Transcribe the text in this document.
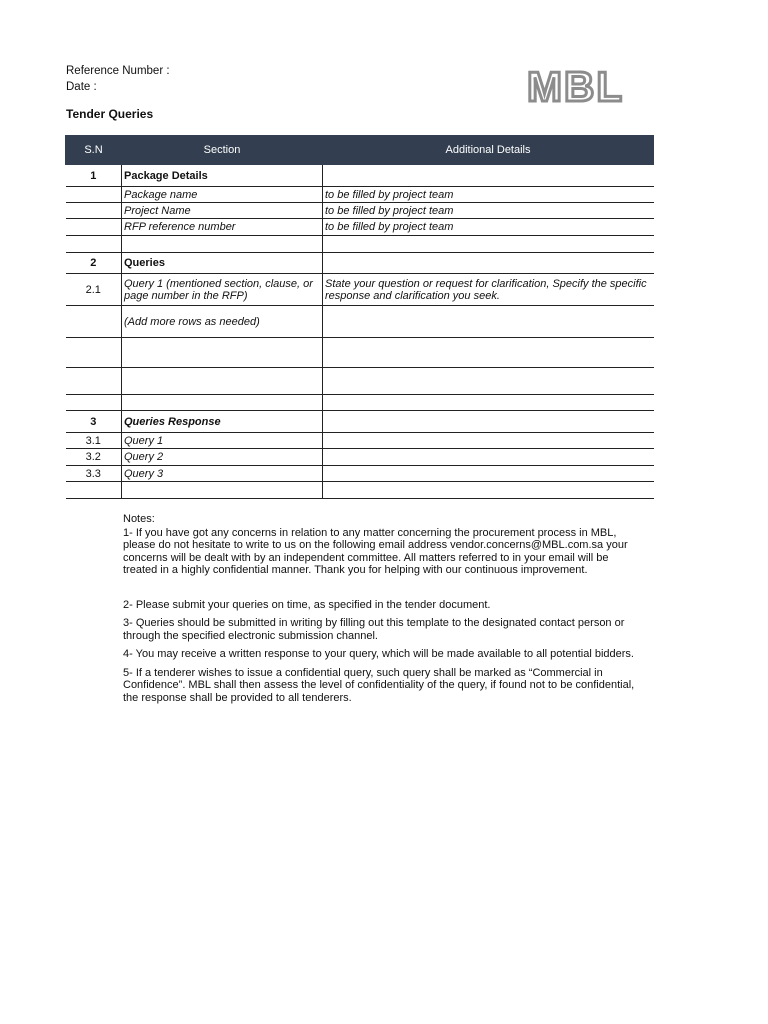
Reference Number :
Date :
Tender Queries
MBL
S.N	Section	Additional Details
1	Package Details	
	Package name	to be filled by project team
	Project Name	to be filled by project team
	RFP reference number	to be filled by project team

2	Queries	
2.1	Query 1 (mentioned section, clause, or page number in the RFP)	State your question or request for clarification, Specify the specific response and clarification you seek.
	(Add more rows as needed)	

3	Queries Response	
3.1	Query 1	
3.2	Query 2	
3.3	Query 3	

Notes:

1- If you have got any concerns in relation to any matter concerning the procurement process in MBL, please do not hesitate to write to us on the following email address vendor.concerns@MBL.com.sa your concerns will be dealt with by an independent committee. All matters referred to in your email will be treated in a highly confidential manner. Thank you for helping with our continuous improvement.

2- Please submit your queries on time, as specified in the tender document.

3- Queries should be submitted in writing by filling out this template to the designated contact person or through the specified electronic submission channel.

4- You may receive a written response to your query, which will be made available to all potential bidders.

5- If a tenderer wishes to issue a confidential query, such query shall be marked as “Commercial in Confidence”. MBL shall then assess the level of confidentiality of the query, if found not to be confidential, the response shall be provided to all tenderers.
